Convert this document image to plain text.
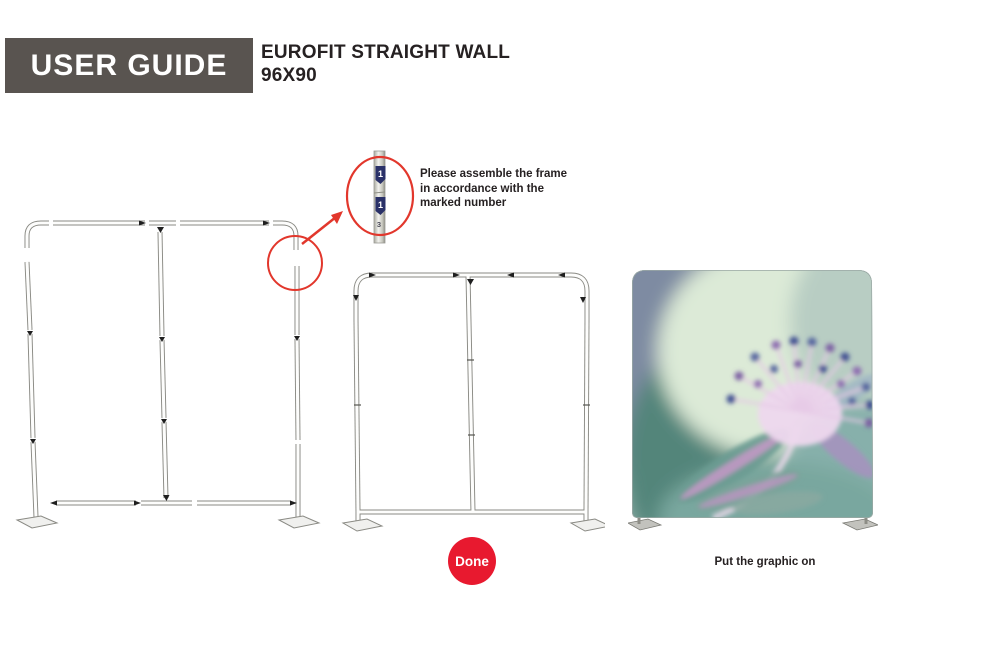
USER GUIDE EUROFIT STRAIGHT WALL
96X90
1
1
3
Please assemble the frame
in accordance with the
marked number
Done	Put the graphic on
